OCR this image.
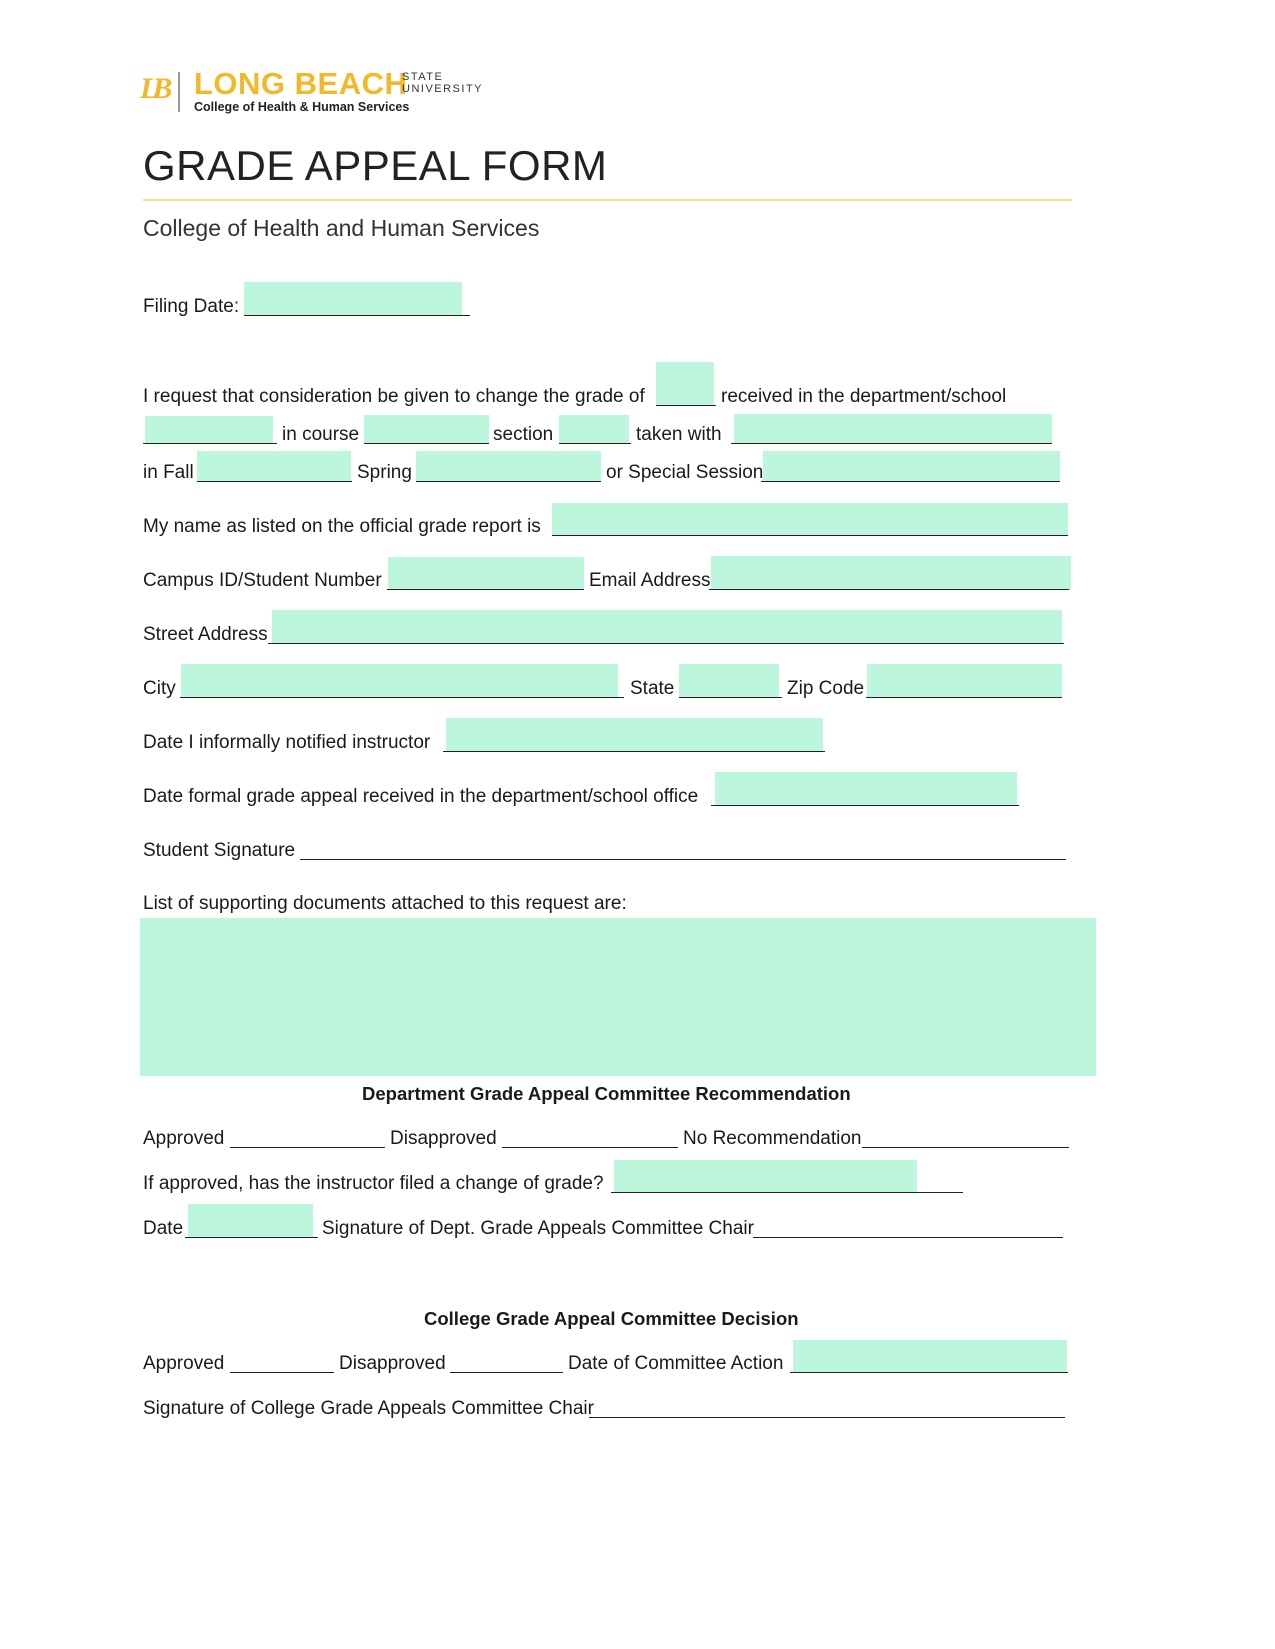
LB LONG BEACH
STATE
UNIVERSITY
College of Health & Human Services
GRADE APPEAL FORM
College of Health and Human Services
Filing Date:
I request that consideration be given to change the grade of	received in the department/school
in course	section	taken with
in Fall	Spring	or Special Session
My name as listed on the official grade report is
Campus ID/Student Number	Email Address
Street Address
City	State	Zip Code
Date I informally notified instructor
Date formal grade appeal received in the department/school office
Student Signature
List of supporting documents attached to this request are:
Department Grade Appeal Committee Recommendation
Approved	Disapproved	No Recommendation
If approved, has the instructor filed a change of grade?
Date	Signature of Dept. Grade Appeals Committee Chair
College Grade Appeal Committee Decision
Approved	Disapproved	Date of Committee Action
Signature of College Grade Appeals Committee Chair
